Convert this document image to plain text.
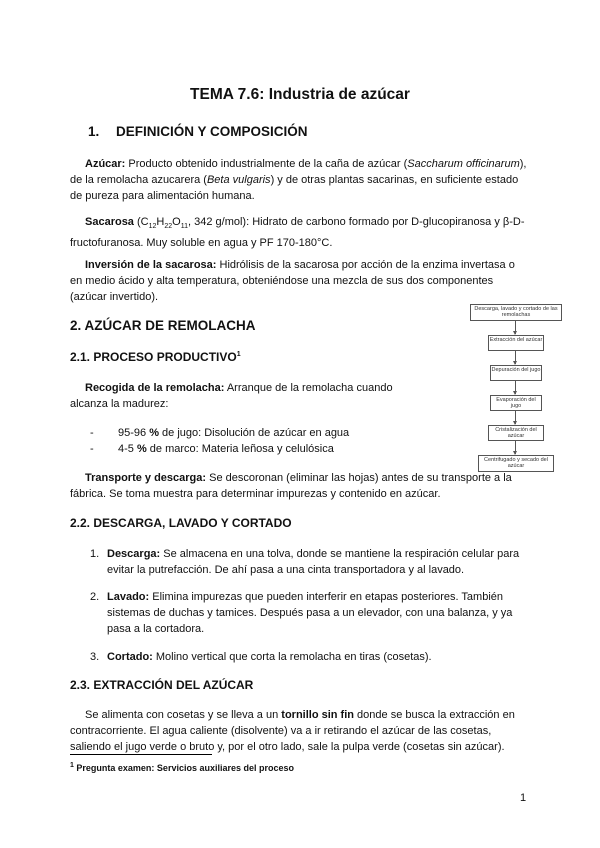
TEMA 7.6: Industria de azúcar
1. DEFINICIÓN Y COMPOSICIÓN
Azúcar: Producto obtenido industrialmente de la caña de azúcar (Saccharum officinarum), de la remolacha azucarera (Beta vulgaris) y de otras plantas sacarinas, en suficiente estado de pureza para alimentación humana.
Sacarosa ($C_{12}H_{22}O_{11}$, 342 g/mol): Hidrato de carbono formado por D-glucopiranosa y β-D-fructofuranosa. Muy soluble en agua y PF 170-180°C.
Inversión de la sacarosa: Hidrólisis de la sacarosa por acción de la enzima invertasa o en medio ácido y alta temperatura, obteniéndose una mezcla de sus dos componentes (azúcar invertido).
2. AZÚCAR DE REMOLACHA
2.1. PROCESO PRODUCTIVO$^1$
Recogida de la remolacha: Arranque de la remolacha cuando alcanza la madurez:
- 95-96 % de jugo: Disolución de azúcar en agua
- 4-5 % de marco: Materia leñosa y celulósica
Transporte y descarga: Se descoronan (eliminar las hojas) antes de su transporte a la fábrica. Se toma muestra para determinar impurezas y contenido en azúcar.
Descarga, lavado y cortado de las remolachas
Extracción del azúcar
Depuración del jugo
Evaporación del jugo
Cristalización del azúcar
Centrifugado y secado del azúcar
2.2. DESCARGA, LAVADO Y CORTADO
1. Descarga: Se almacena en una tolva, donde se mantiene la respiración celular para evitar la putrefacción. De ahí pasa a una cinta transportadora y al lavado.
2. Lavado: Elimina impurezas que pueden interferir en etapas posteriores. También sistemas de duchas y tamices. Después pasa a un elevador, con una balanza, y ya pasa a la cortadora.
3. Cortado: Molino vertical que corta la remolacha en tiras (cosetas).
2.3. EXTRACCIÓN DEL AZÚCAR
Se alimenta con cosetas y se lleva a un tornillo sin fin donde se busca la extracción en contracorriente. El agua caliente (disolvente) va a ir retirando el azúcar de las cosetas, saliendo el jugo verde o bruto y, por el otro lado, sale la pulpa verde (cosetas sin azúcar).
$^1$ Pregunta examen: Servicios auxiliares del proceso
1
